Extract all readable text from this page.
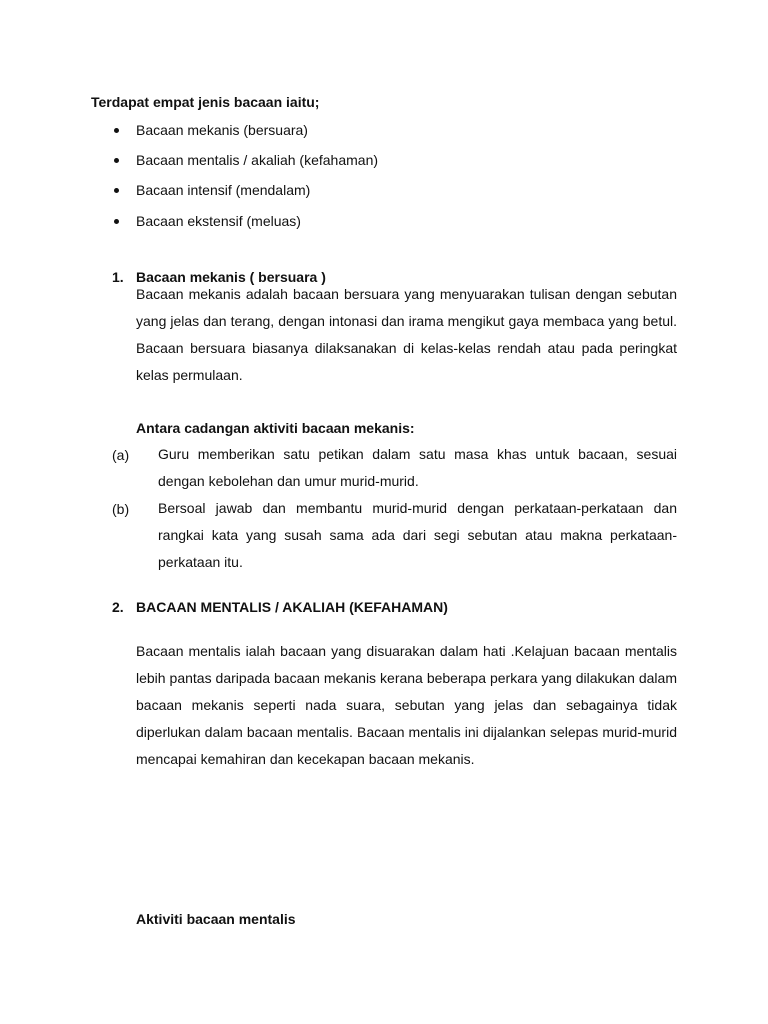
Terdapat empat jenis bacaan iaitu;
Bacaan mekanis (bersuara)
Bacaan mentalis / akaliah (kefahaman)
Bacaan intensif (mendalam)
Bacaan ekstensif (meluas)
1. Bacaan mekanis ( bersuara )
Bacaan mekanis adalah bacaan bersuara yang menyuarakan tulisan dengan sebutan yang jelas dan terang, dengan intonasi dan irama mengikut gaya membaca yang betul. Bacaan bersuara biasanya dilaksanakan di kelas-kelas rendah atau pada peringkat kelas permulaan.
Antara cadangan aktiviti bacaan mekanis:
(a) Guru memberikan satu petikan dalam satu masa khas untuk bacaan, sesuai dengan kebolehan dan umur murid-murid.
(b) Bersoal jawab dan membantu murid-murid dengan perkataan-perkataan dan rangkai kata yang susah sama ada dari segi sebutan atau makna perkataan-perkataan itu.
2. BACAAN MENTALIS / AKALIAH (KEFAHAMAN)
Bacaan mentalis ialah bacaan yang disuarakan dalam hati .Kelajuan bacaan mentalis lebih pantas daripada bacaan mekanis kerana beberapa perkara yang dilakukan dalam bacaan mekanis seperti nada suara, sebutan yang jelas dan sebagainya tidak diperlukan dalam bacaan mentalis. Bacaan mentalis ini dijalankan selepas murid-murid mencapai kemahiran dan kecekapan bacaan mekanis.
Aktiviti bacaan mentalis
